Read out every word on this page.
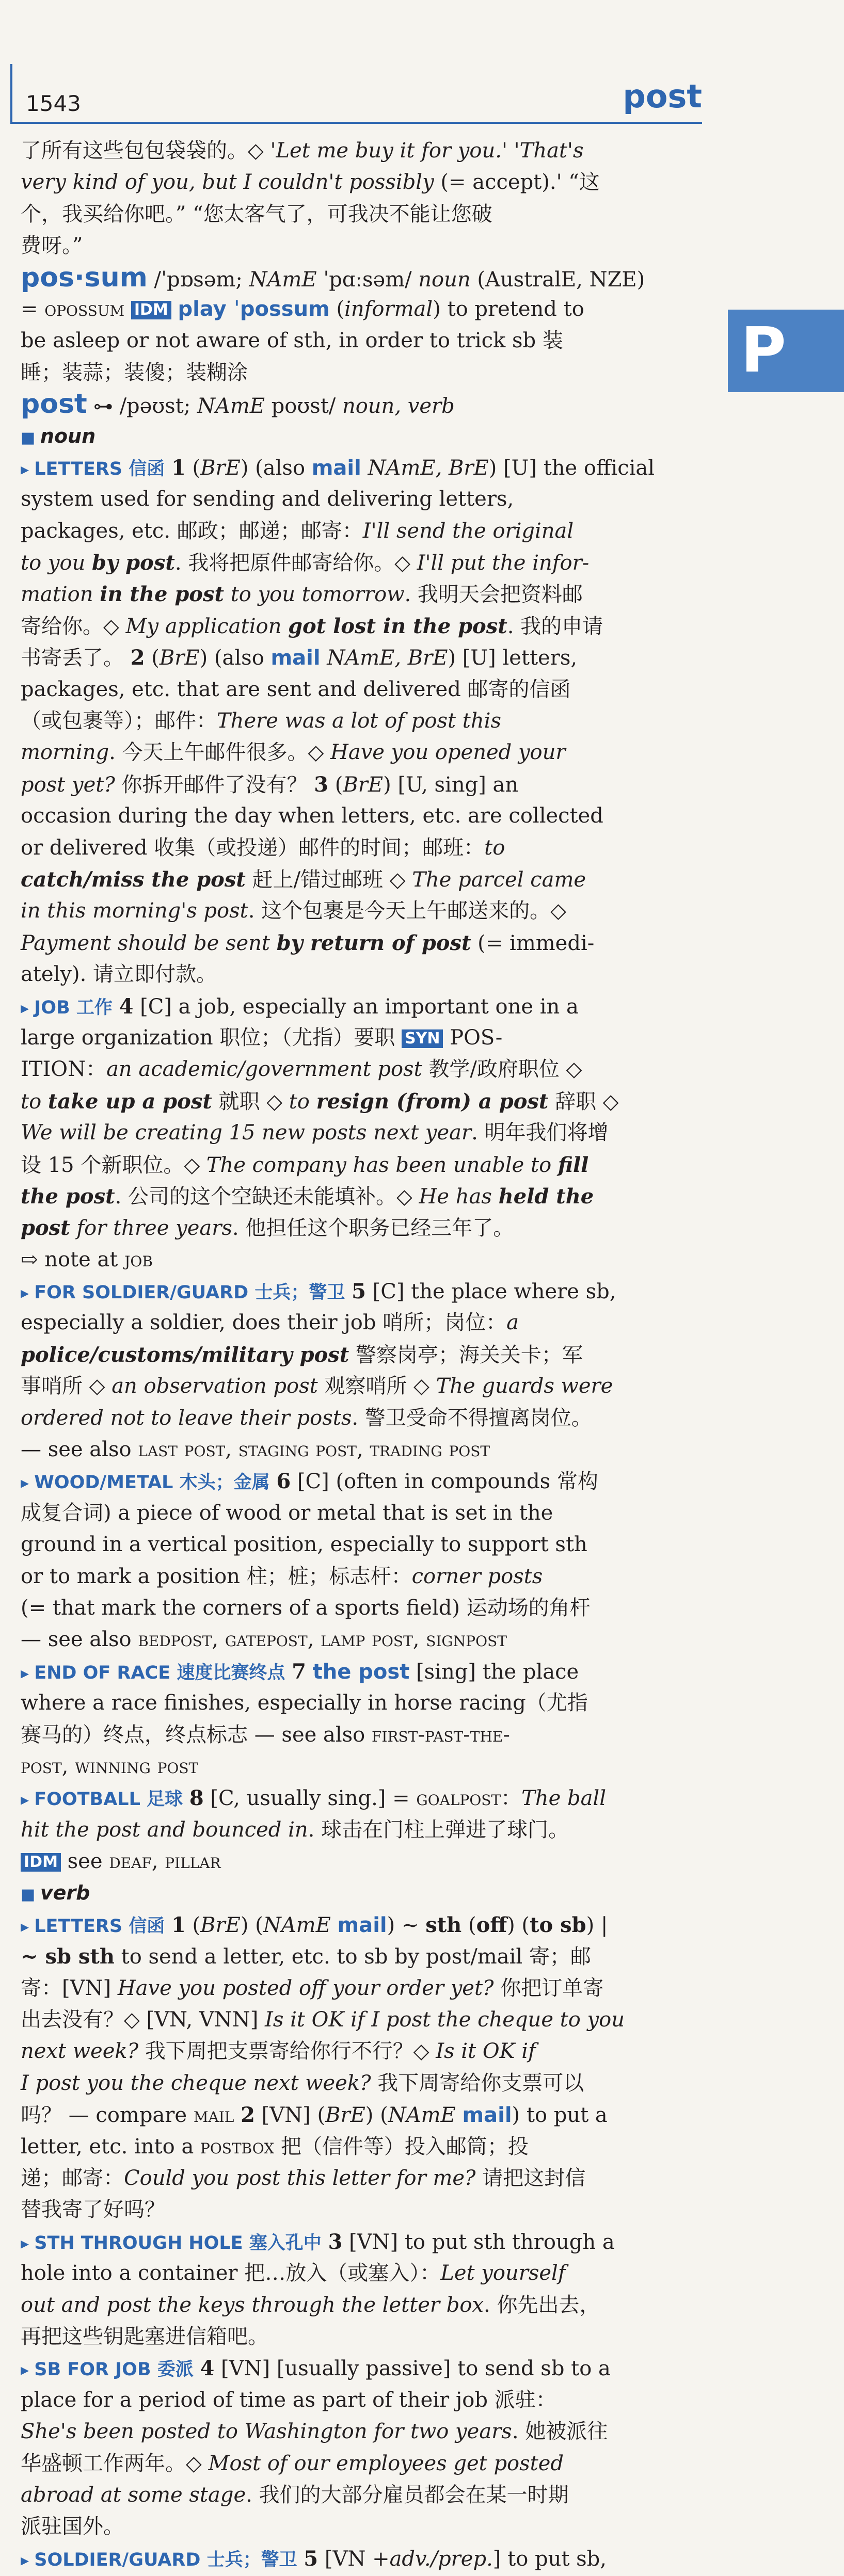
1543	post
P

了所有这些包包袋袋的。◇ 'Let me buy it for you.' 'That's

very kind of you, but I couldn't possibly (= accept).' “这

个，我买给你吧。” “您太客气了，可我决不能让您破

费呀。”

pos·sum /ˈpɒsəm; NAmE ˈpɑːsəm/ noun (AustralE, NZE)

= opossum IDM play ˈpossum (informal) to pretend to

be asleep or not aware of sth, in order to trick sb 装

睡；装蒜；装傻；装糊涂

post ⊶ /pəʊst; NAmE poʊst/ noun, verb

■ noun

▸ LETTERS 信函 1 (BrE) (also mail NAmE, BrE) [U] the official

system used for sending and delivering letters,

packages, etc. 邮政；邮递；邮寄：I'll send the original

to you by post. 我将把原件邮寄给你。◇ I'll put the infor-

mation in the post to you tomorrow. 我明天会把资料邮

寄给你。◇ My application got lost in the post. 我的申请

书寄丢了。 2 (BrE) (also mail NAmE, BrE) [U] letters,

packages, etc. that are sent and delivered 邮寄的信函

（或包裹等）；邮件：There was a lot of post this

morning. 今天上午邮件很多。◇ Have you opened your

post yet? 你拆开邮件了没有？ 3 (BrE) [U, sing] an

occasion during the day when letters, etc. are collected

or delivered 收集（或投递）邮件的时间；邮班：to

catch/miss the post 赶上/错过邮班 ◇ The parcel came

in this morning's post. 这个包裹是今天上午邮送来的。◇

Payment should be sent by return of post (= immedi-

ately). 请立即付款。

▸ JOB 工作 4 [C] a job, especially an important one in a

large organization 职位；（尤指）要职 SYN POS-

ITION：an academic/government post 教学/政府职位 ◇

to take up a post 就职 ◇ to resign (from) a post 辞职 ◇

We will be creating 15 new posts next year. 明年我们将增

设 15 个新职位。◇ The company has been unable to fill

the post. 公司的这个空缺还未能填补。◇ He has held the

post for three years. 他担任这个职务已经三年了。

⇨ note at job

▸ FOR SOLDIER/GUARD 士兵；警卫 5 [C] the place where sb,

especially a soldier, does their job 哨所；岗位：a

police/customs/military post 警察岗亭；海关关卡；军

事哨所 ◇ an observation post 观察哨所 ◇ The guards were

ordered not to leave their posts. 警卫受命不得擅离岗位。

— see also last post, staging post, trading post

▸ WOOD/METAL 木头；金属 6 [C] (often in compounds 常构

成复合词) a piece of wood or metal that is set in the

ground in a vertical position, especially to support sth

or to mark a position 柱；桩；标志杆：corner posts

(= that mark the corners of a sports field) 运动场的角杆

— see also bedpost, gatepost, lamp post, signpost

▸ END OF RACE 速度比赛终点 7 the post [sing] the place

where a race finishes, especially in horse racing（尤指

赛马的）终点，终点标志 — see also first-past-the-

post, winning post

▸ FOOTBALL 足球 8 [C, usually sing.] = goalpost：The ball

hit the post and bounced in. 球击在门柱上弹进了球门。

IDM see deaf, pillar

■ verb

▸ LETTERS 信函 1 (BrE) (NAmE mail) ~ sth (off) (to sb) |

~ sb sth to send a letter, etc. to sb by post/mail 寄；邮

寄：[VN] Have you posted off your order yet? 你把订单寄

出去没有？◇ [VN, VNN] Is it OK if I post the cheque to you

next week? 我下周把支票寄给你行不行？◇ Is it OK if

I post you the cheque next week? 我下周寄给你支票可以

吗？ — compare mail 2 [VN] (BrE) (NAmE mail) to put a

letter, etc. into a postbox 把（信件等）投入邮筒；投

递；邮寄：Could you post this letter for me? 请把这封信

替我寄了好吗？

▸ STH THROUGH HOLE 塞入孔中 3 [VN] to put sth through a

hole into a container 把…放入（或塞入）：Let yourself

out and post the keys through the letter box. 你先出去，

再把这些钥匙塞进信箱吧。

▸ SB FOR JOB 委派 4 [VN] [usually passive] to send sb to a

place for a period of time as part of their job 派驻：

She's been posted to Washington for two years. 她被派往

华盛顿工作两年。◇ Most of our employees get posted

abroad at some stage. 我们的大部分雇员都会在某一时期

派驻国外。

▸ SOLDIER/GUARD 士兵；警卫 5 [VN +adv./prep.] to put sb,
